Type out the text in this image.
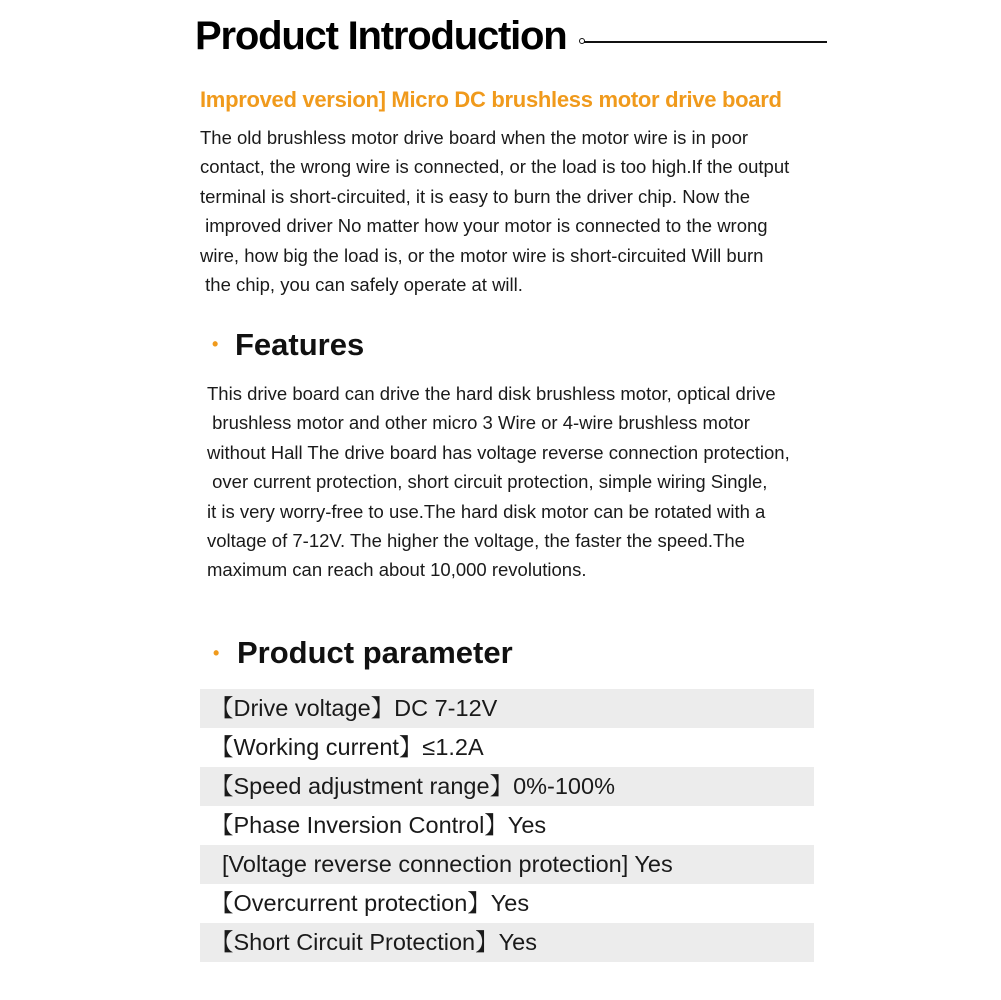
Product Introduction
Improved version] Micro DC brushless motor drive board
The old brushless motor drive board when the motor wire is in poor
contact, the wrong wire is connected, or the load is too high.If the output
terminal is short-circuited, it is easy to burn the driver chip. Now the
improved driver No matter how your motor is connected to the wrong
wire, how big the load is, or the motor wire is short-circuited Will burn
the chip, you can safely operate at will.
• Features
This drive board can drive the hard disk brushless motor, optical drive
brushless motor and other micro 3 Wire or 4-wire brushless motor
without Hall The drive board has voltage reverse connection protection,
over current protection, short circuit protection, simple wiring Single,
it is very worry-free to use.The hard disk motor can be rotated with a
voltage of 7-12V. The higher the voltage, the faster the speed.The
maximum can reach about 10,000 revolutions.
• Product parameter
【Drive voltage】DC 7-12V
【Working current】≤1.2A
【Speed adjustment range】0%-100%
【Phase Inversion Control】Yes
[Voltage reverse connection protection] Yes
【Overcurrent protection】Yes
【Short Circuit Protection】Yes
